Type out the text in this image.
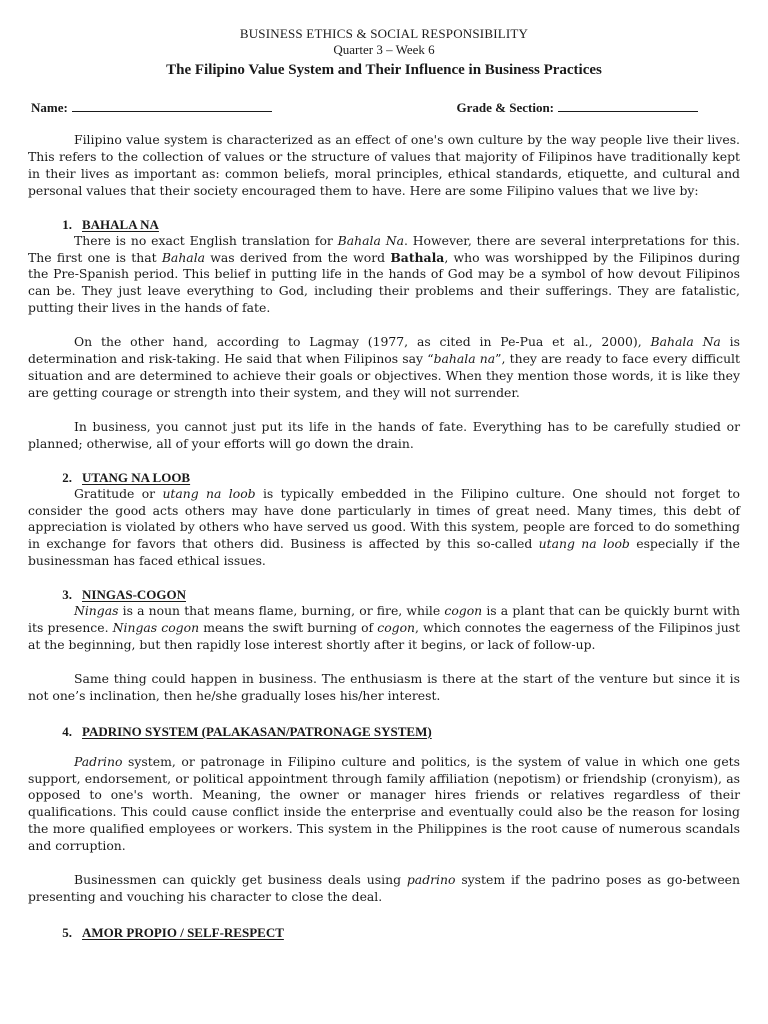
BUSINESS ETHICS & SOCIAL RESPONSIBILITY
Quarter 3 – Week 6
The Filipino Value System and Their Influence in Business Practices
Name:	Grade & Section:

Filipino value system is characterized as an effect of one's own culture by the way people live their lives. This refers to the collection of values or the structure of values that majority of Filipinos have traditionally kept in their lives as important as: common beliefs, moral principles, ethical standards, etiquette, and cultural and personal values that their society encouraged them to have. Here are some Filipino values that we live by:

1. BAHALA NA

There is no exact English translation for Bahala Na. However, there are several interpretations for this. The first one is that Bahala was derived from the word Bathala, who was worshipped by the Filipinos during the Pre-Spanish period. This belief in putting life in the hands of God may be a symbol of how devout Filipinos can be. They just leave everything to God, including their problems and their sufferings. They are fatalistic, putting their lives in the hands of fate.

On the other hand, according to Lagmay (1977, as cited in Pe-Pua et al., 2000), Bahala Na is determination and risk-taking. He said that when Filipinos say “bahala na”, they are ready to face every difficult situation and are determined to achieve their goals or objectives. When they mention those words, it is like they are getting courage or strength into their system, and they will not surrender.

In business, you cannot just put its life in the hands of fate. Everything has to be carefully studied or planned; otherwise, all of your efforts will go down the drain.

2. UTANG NA LOOB

Gratitude or utang na loob is typically embedded in the Filipino culture. One should not forget to consider the good acts others may have done particularly in times of great need. Many times, this debt of appreciation is violated by others who have served us good. With this system, people are forced to do something in exchange for favors that others did. Business is affected by this so-called utang na loob especially if the businessman has faced ethical issues.

3. NINGAS-COGON

Ningas is a noun that means flame, burning, or fire, while cogon is a plant that can be quickly burnt with its presence. Ningas cogon means the swift burning of cogon, which connotes the eagerness of the Filipinos just at the beginning, but then rapidly lose interest shortly after it begins, or lack of follow-up.

Same thing could happen in business. The enthusiasm is there at the start of the venture but since it is not one’s inclination, then he/she gradually loses his/her interest.

4. PADRINO SYSTEM (PALAKASAN/PATRONAGE SYSTEM)

Padrino system, or patronage in Filipino culture and politics, is the system of value in which one gets support, endorsement, or political appointment through family affiliation (nepotism) or friendship (cronyism), as opposed to one's worth. Meaning, the owner or manager hires friends or relatives regardless of their qualifications. This could cause conflict inside the enterprise and eventually could also be the reason for losing the more qualified employees or workers. This system in the Philippines is the root cause of numerous scandals and corruption.

Businessmen can quickly get business deals using padrino system if the padrino poses as go-between presenting and vouching his character to close the deal.

5. AMOR PROPIO / SELF-RESPECT
